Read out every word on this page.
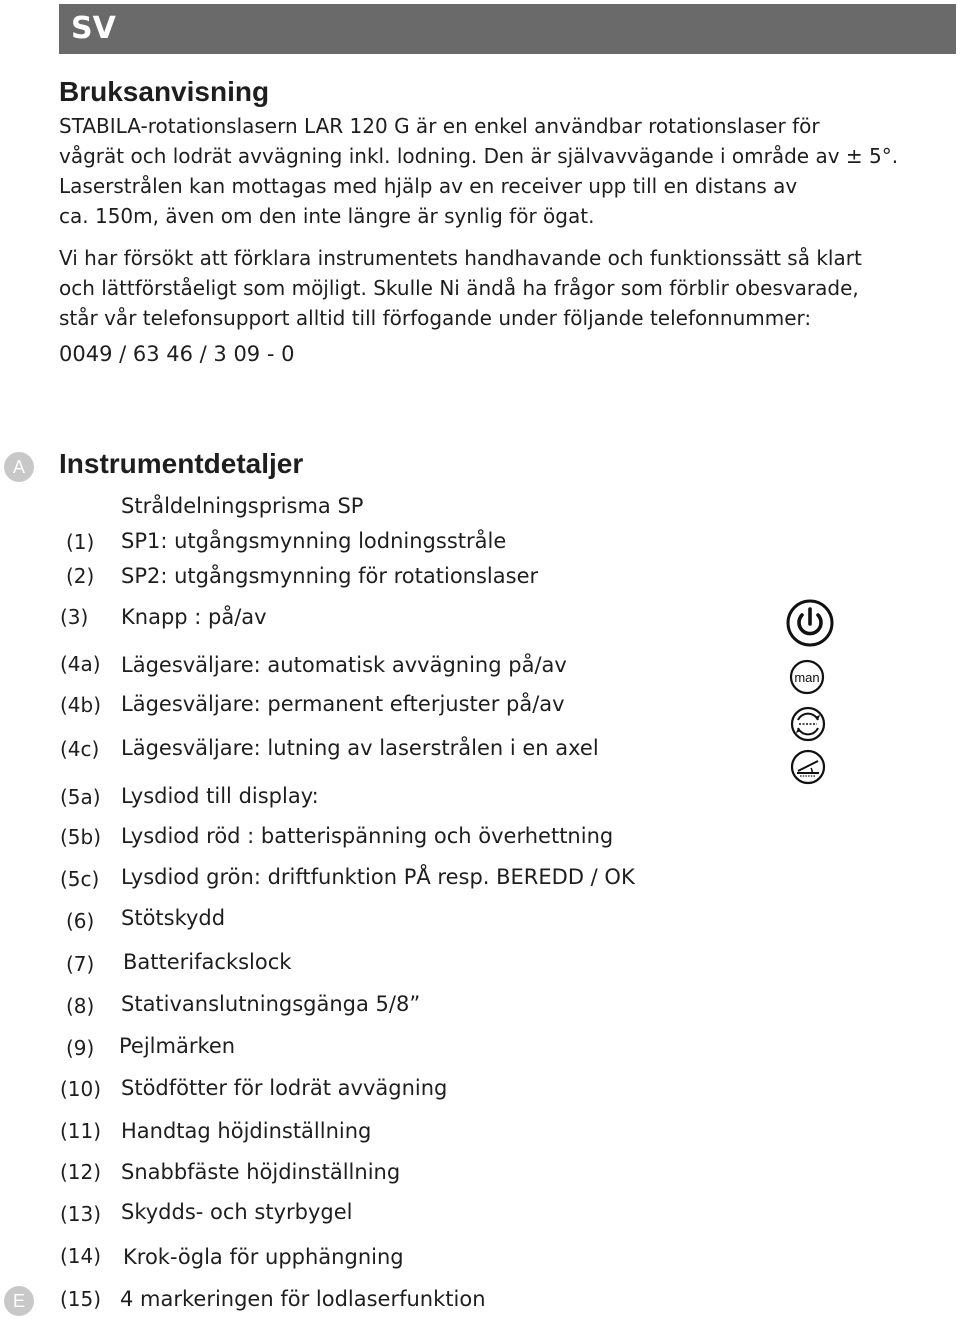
SV
Bruksanvisning
STABILA-rotationslasern LAR 120 G är en enkel användbar rotationslaser för
vågrät och lodrät avvägning inkl. lodning. Den är självavvägande i område av ± 5°.
Laserstrålen kan mottagas med hjälp av en receiver upp till en distans av
ca. 150m, även om den inte längre är synlig för ögat.
Vi har försökt att förklara instrumentets handhavande och funktionssätt så klart
och lättförståeligt som möjligt. Skulle Ni ändå ha frågor som förblir obesvarade,
står vår telefonsupport alltid till förfogande under följande telefonnummer:
0049 / 63 46 / 3 09 - 0
A	Instrumentdetaljer
Stråldelningsprisma SP
(1) SP1: utgångsmynning lodningsstråle
(2) SP2: utgångsmynning för rotationslaser
(3) Knapp : på/av
(4a) Lägesväljare: automatisk avvägning på/av
(4b) Lägesväljare: permanent efterjuster på/av
(4c) Lägesväljare: lutning av laserstrålen i en axel
(5a) Lysdiod till display:
(5b) Lysdiod röd : batterispänning och överhettning
(5c) Lysdiod grön: driftfunktion PÅ resp. BEREDD / OK
(6) Stötskydd
(7) Batterifackslock
(8) Stativanslutningsgänga 5/8”
(9) Pejlmärken
(10) Stödfötter för lodrät avvägning
(11) Handtag höjdinställning
(12) Snabbfäste höjdinställning
(13) Skydds- och styrbygel
(14) Krok-ögla för upphängning
(15) 4 markeringen för lodlaserfunktion
E
man
